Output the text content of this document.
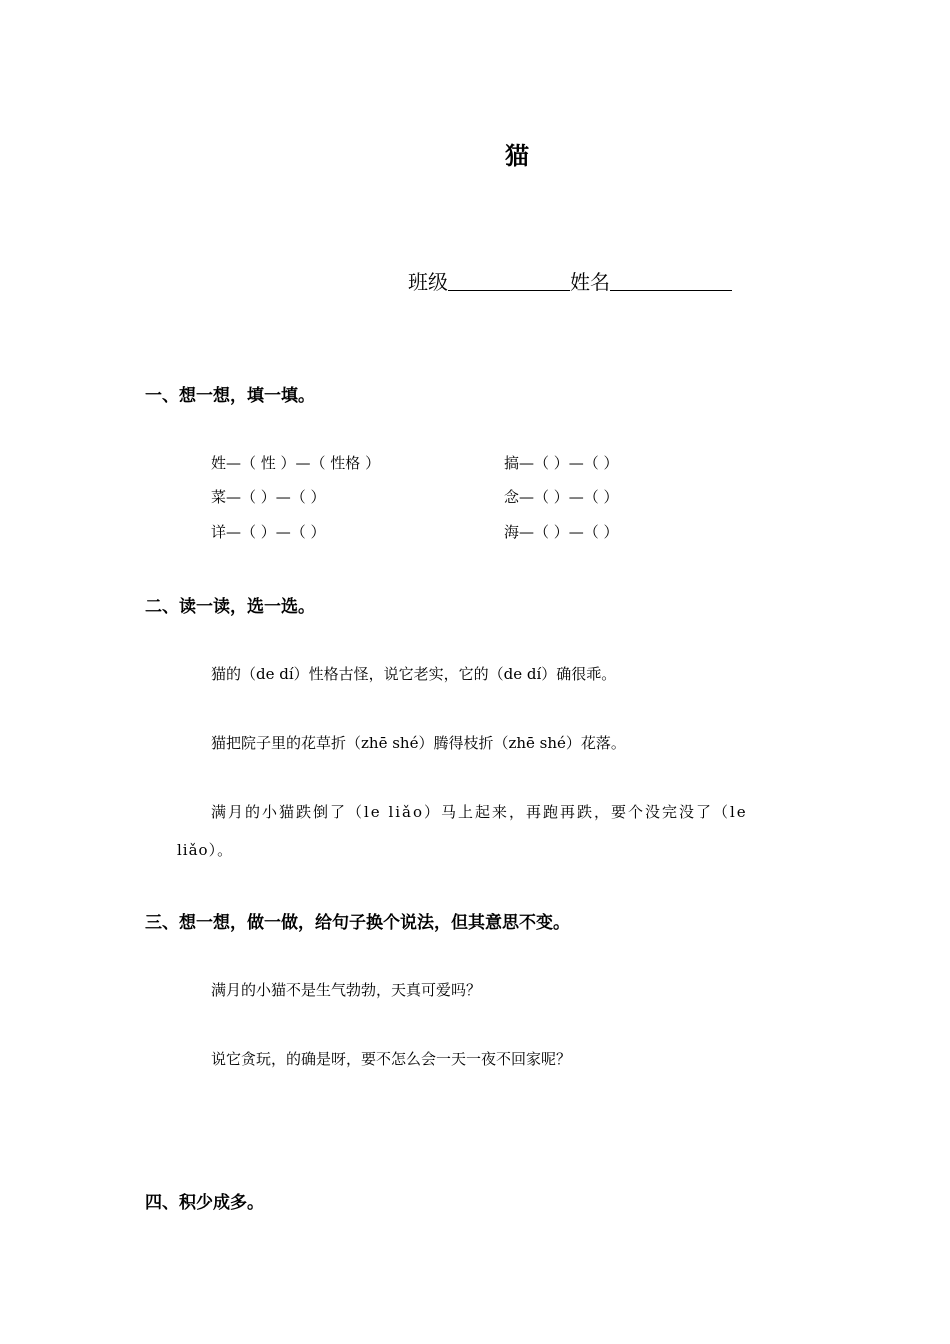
猫
班级	姓名
一、想一想，填一填。
姓—（ 性 ）—（ 性格 ）	搞—（ ）—（ ）
菜—（ ）—（ ）	念—（ ）—（ ）
详—（ ）—（ ）	海—（ ）—（ ）
二、读一读，选一选。
猫的（de dí）性格古怪，说它老实，它的（de dí）确很乖。
猫把院子里的花草折（zhē shé）腾得枝折（zhē shé）花落。
满月的小猫跌倒了（le liǎo）马上起来，再跑再跌，要个没完没了（le
liǎo）。
三、想一想，做一做，给句子换个说法，但其意思不变。
满月的小猫不是生气勃勃，天真可爱吗？
说它贪玩，的确是呀，要不怎么会一天一夜不回家呢？
四、积少成多。
